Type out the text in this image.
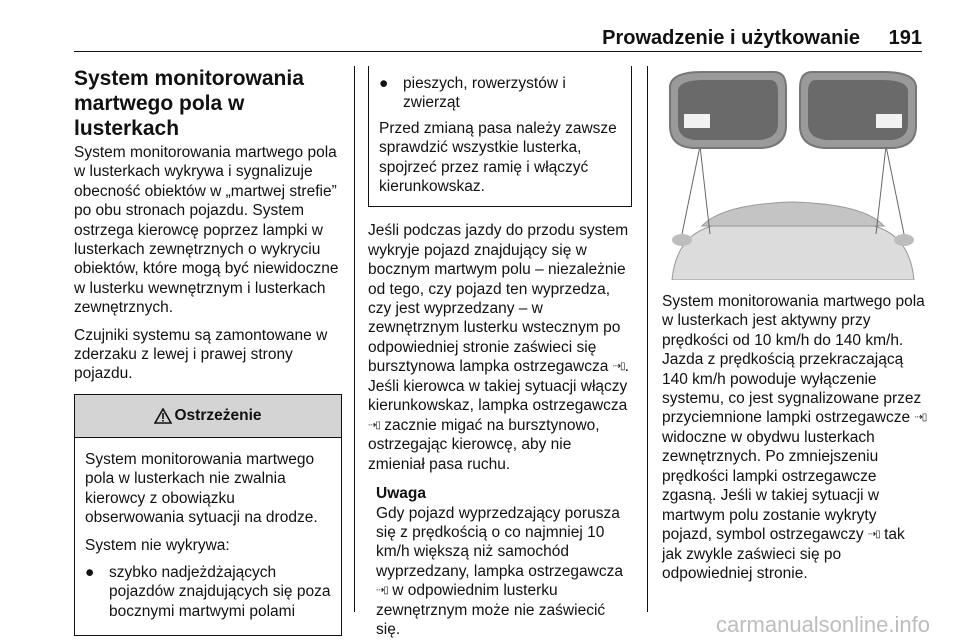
Prowadzenie i użytkowanie 191
System monitorowania martwego pola w lusterkach

System monitorowania martwego pola w lusterkach wykrywa i sygnalizuje obecność obiektów w „martwej strefie” po obu stronach pojazdu. System ostrzega kierowcę poprzez lampki w lusterkach zewnętrznych o wykryciu obiektów, które mogą być niewidoczne w lusterku wewnętrznym i lusterkach zewnętrznych.

Czujniki systemu są zamontowane w zderzaku z lewej i prawej strony pojazdu.

Ostrzeżenie

System monitorowania martwego pola w lusterkach nie zwalnia kierowcy z obowiązku obserwowania sytuacji na drodze.

System nie wykrywa:

● szybko nadjeżdżających pojazdów znajdujących się poza bocznymi martwymi polami
● pieszych, rowerzystów i zwierząt

Przed zmianą pasa należy zawsze sprawdzić wszystkie lusterka, spojrzeć przez ramię i włączyć kierunkowskaz.

Jeśli podczas jazdy do przodu system wykryje pojazd znajdujący się w bocznym martwym polu – niezależnie od tego, czy pojazd ten wyprzedza, czy jest wyprzedzany – w zewnętrznym lusterku wstecznym po odpowiedniej stronie zaświeci się bursztynowa lampka ostrzegawcza ⇢▯. Jeśli kierowca w takiej sytuacji włączy kierunkowskaz, lampka ostrzegawcza ⇢▯ zacznie migać na bursztynowo, ostrzegając kierowcę, aby nie zmieniał pasa ruchu.

Uwaga
Gdy pojazd wyprzedzający porusza się z prędkością o co najmniej 10 km/h większą niż samochód wyprzedzany, lampka ostrzegawcza ⇢▯ w odpowiednim lusterku zewnętrznym może nie zaświecić się.

System monitorowania martwego pola w lusterkach jest aktywny przy prędkości od 10 km/h do 140 km/h. Jazda z prędkością przekraczającą 140 km/h powoduje wyłączenie systemu, co jest sygnalizowane przez przyciemnione lampki ostrzegawcze ⇢▯ widoczne w obydwu lusterkach zewnętrznych. Po zmniejszeniu prędkości lampki ostrzegawcze zgasną. Jeśli w takiej sytuacji w martwym polu zostanie wykryty pojazd, symbol ostrzegawczy ⇢▯ tak jak zwykle zaświeci się po odpowiedniej stronie.

carmanualsonline.info
